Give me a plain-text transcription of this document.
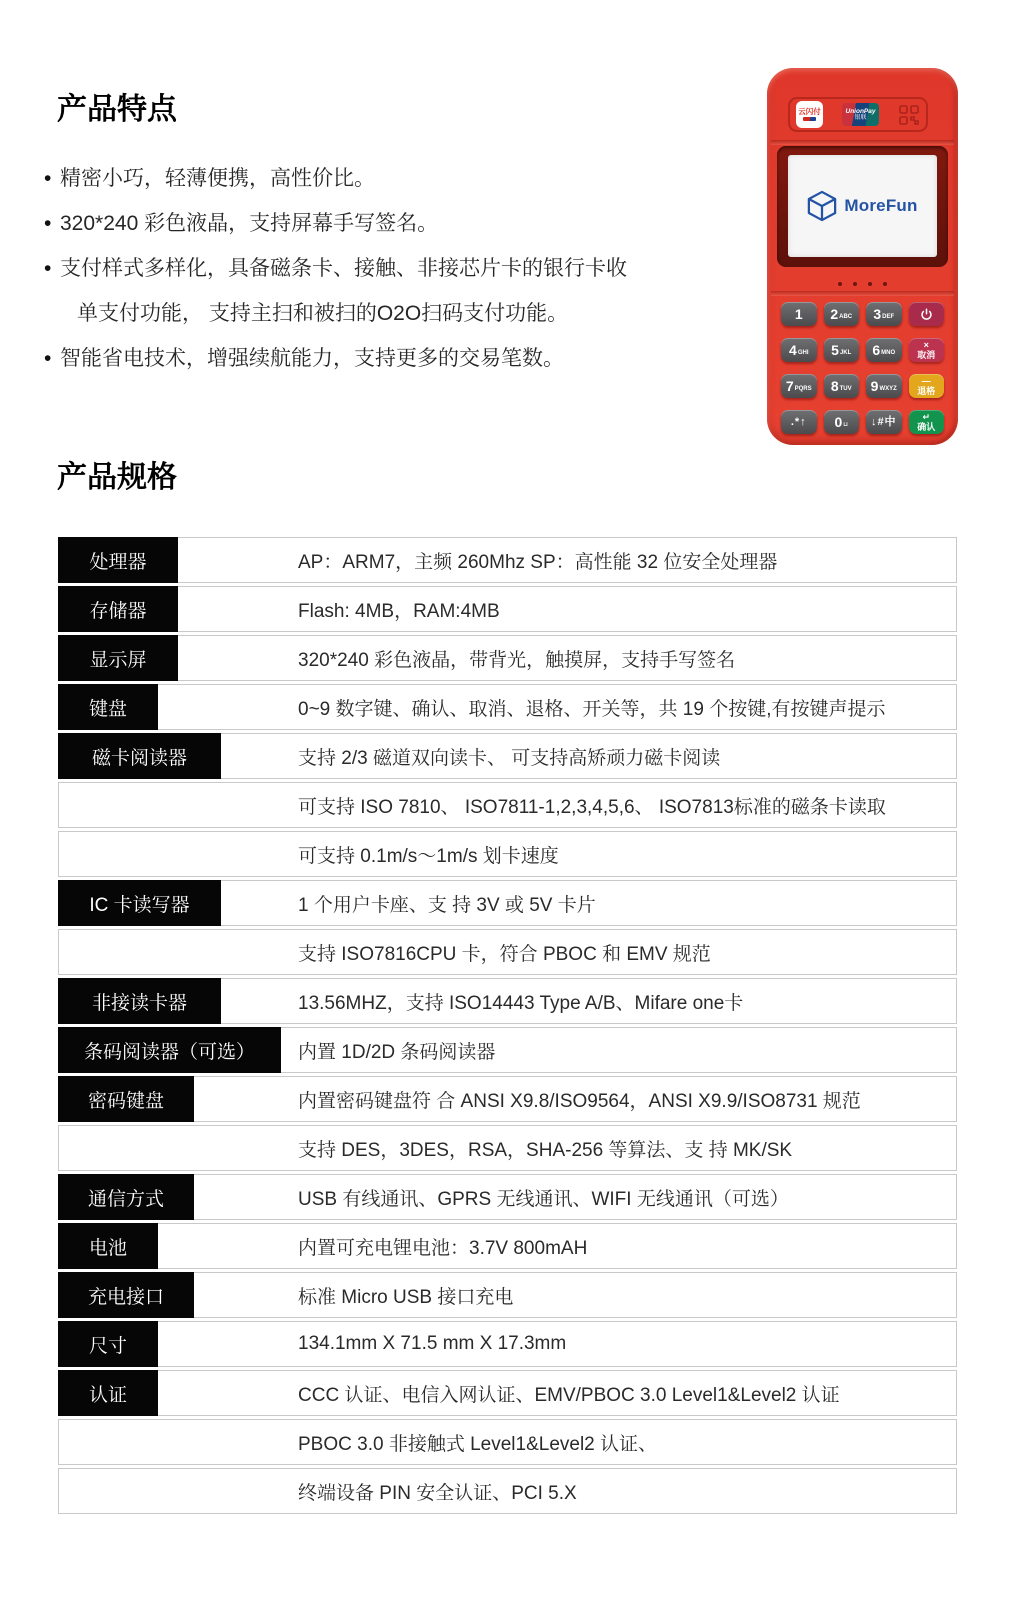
产品特点
• 精密小巧，轻薄便携，高性价比。
• 320*240 彩色液晶，支持屏幕手写签名。
• 支付样式多样化，具备磁条卡、接触、非接芯片卡的银行卡收
单支付功能， 支持主扫和被扫的O2O扫码支付功能。
• 智能省电技术，增强续航能力，支持更多的交易笔数。
产品规格
处理器	AP：ARM7，主频 260Mhz SP：高性能 32 位安全处理器
存储器	Flash: 4MB，RAM:4MB
显示屏	320*240 彩色液晶，带背光，触摸屏，支持手写签名
键盘	0~9 数字键、确认、取消、退格、开关等，共 19 个按键,有按键声提示
磁卡阅读器	支持 2/3 磁道双向读卡、 可支持高矫顽力磁卡阅读
可支持 ISO 7810、 ISO7811-1,2,3,4,5,6、 ISO7813标准的磁条卡读取
可支持 0.1m/s～1m/s 划卡速度
IC 卡读写器	1 个用户卡座、支 持 3V 或 5V 卡片
支持 ISO7816CPU 卡，符合 PBOC 和 EMV 规范
非接读卡器	13.56MHZ，支持 ISO14443 Type A/B、Mifare one卡
条码阅读器（可选）	内置 1D/2D 条码阅读器
密码键盘	内置密码键盘符 合 ANSI X9.8/ISO9564，ANSI X9.9/ISO8731 规范
支持 DES，3DES，RSA，SHA-256 等算法、支 持 MK/SK
通信方式	USB 有线通讯、GPRS 无线通讯、WIFI 无线通讯（可选）
电池	内置可充电锂电池：3.7V 800mAH
充电接口	标准 Micro USB 接口充电
尺寸	134.1mm X 71.5 mm X 17.3mm
认证	CCC 认证、电信入网认证、EMV/PBOC 3.0 Level1&Level2 认证
PBOC 3.0 非接触式 Level1&Level2 认证、
终端设备 PIN 安全认证、PCI 5.X
云闪付	UnionPay
银联
MoreFun
1 2 ABC 3 DEF
4 GHI 5 JKL 6 MNO
×
取消
7 PQRS 8 TUV 9 WXYZ
—
退格
.*↑ 0 ⊔ ↓#中	↵
确认
